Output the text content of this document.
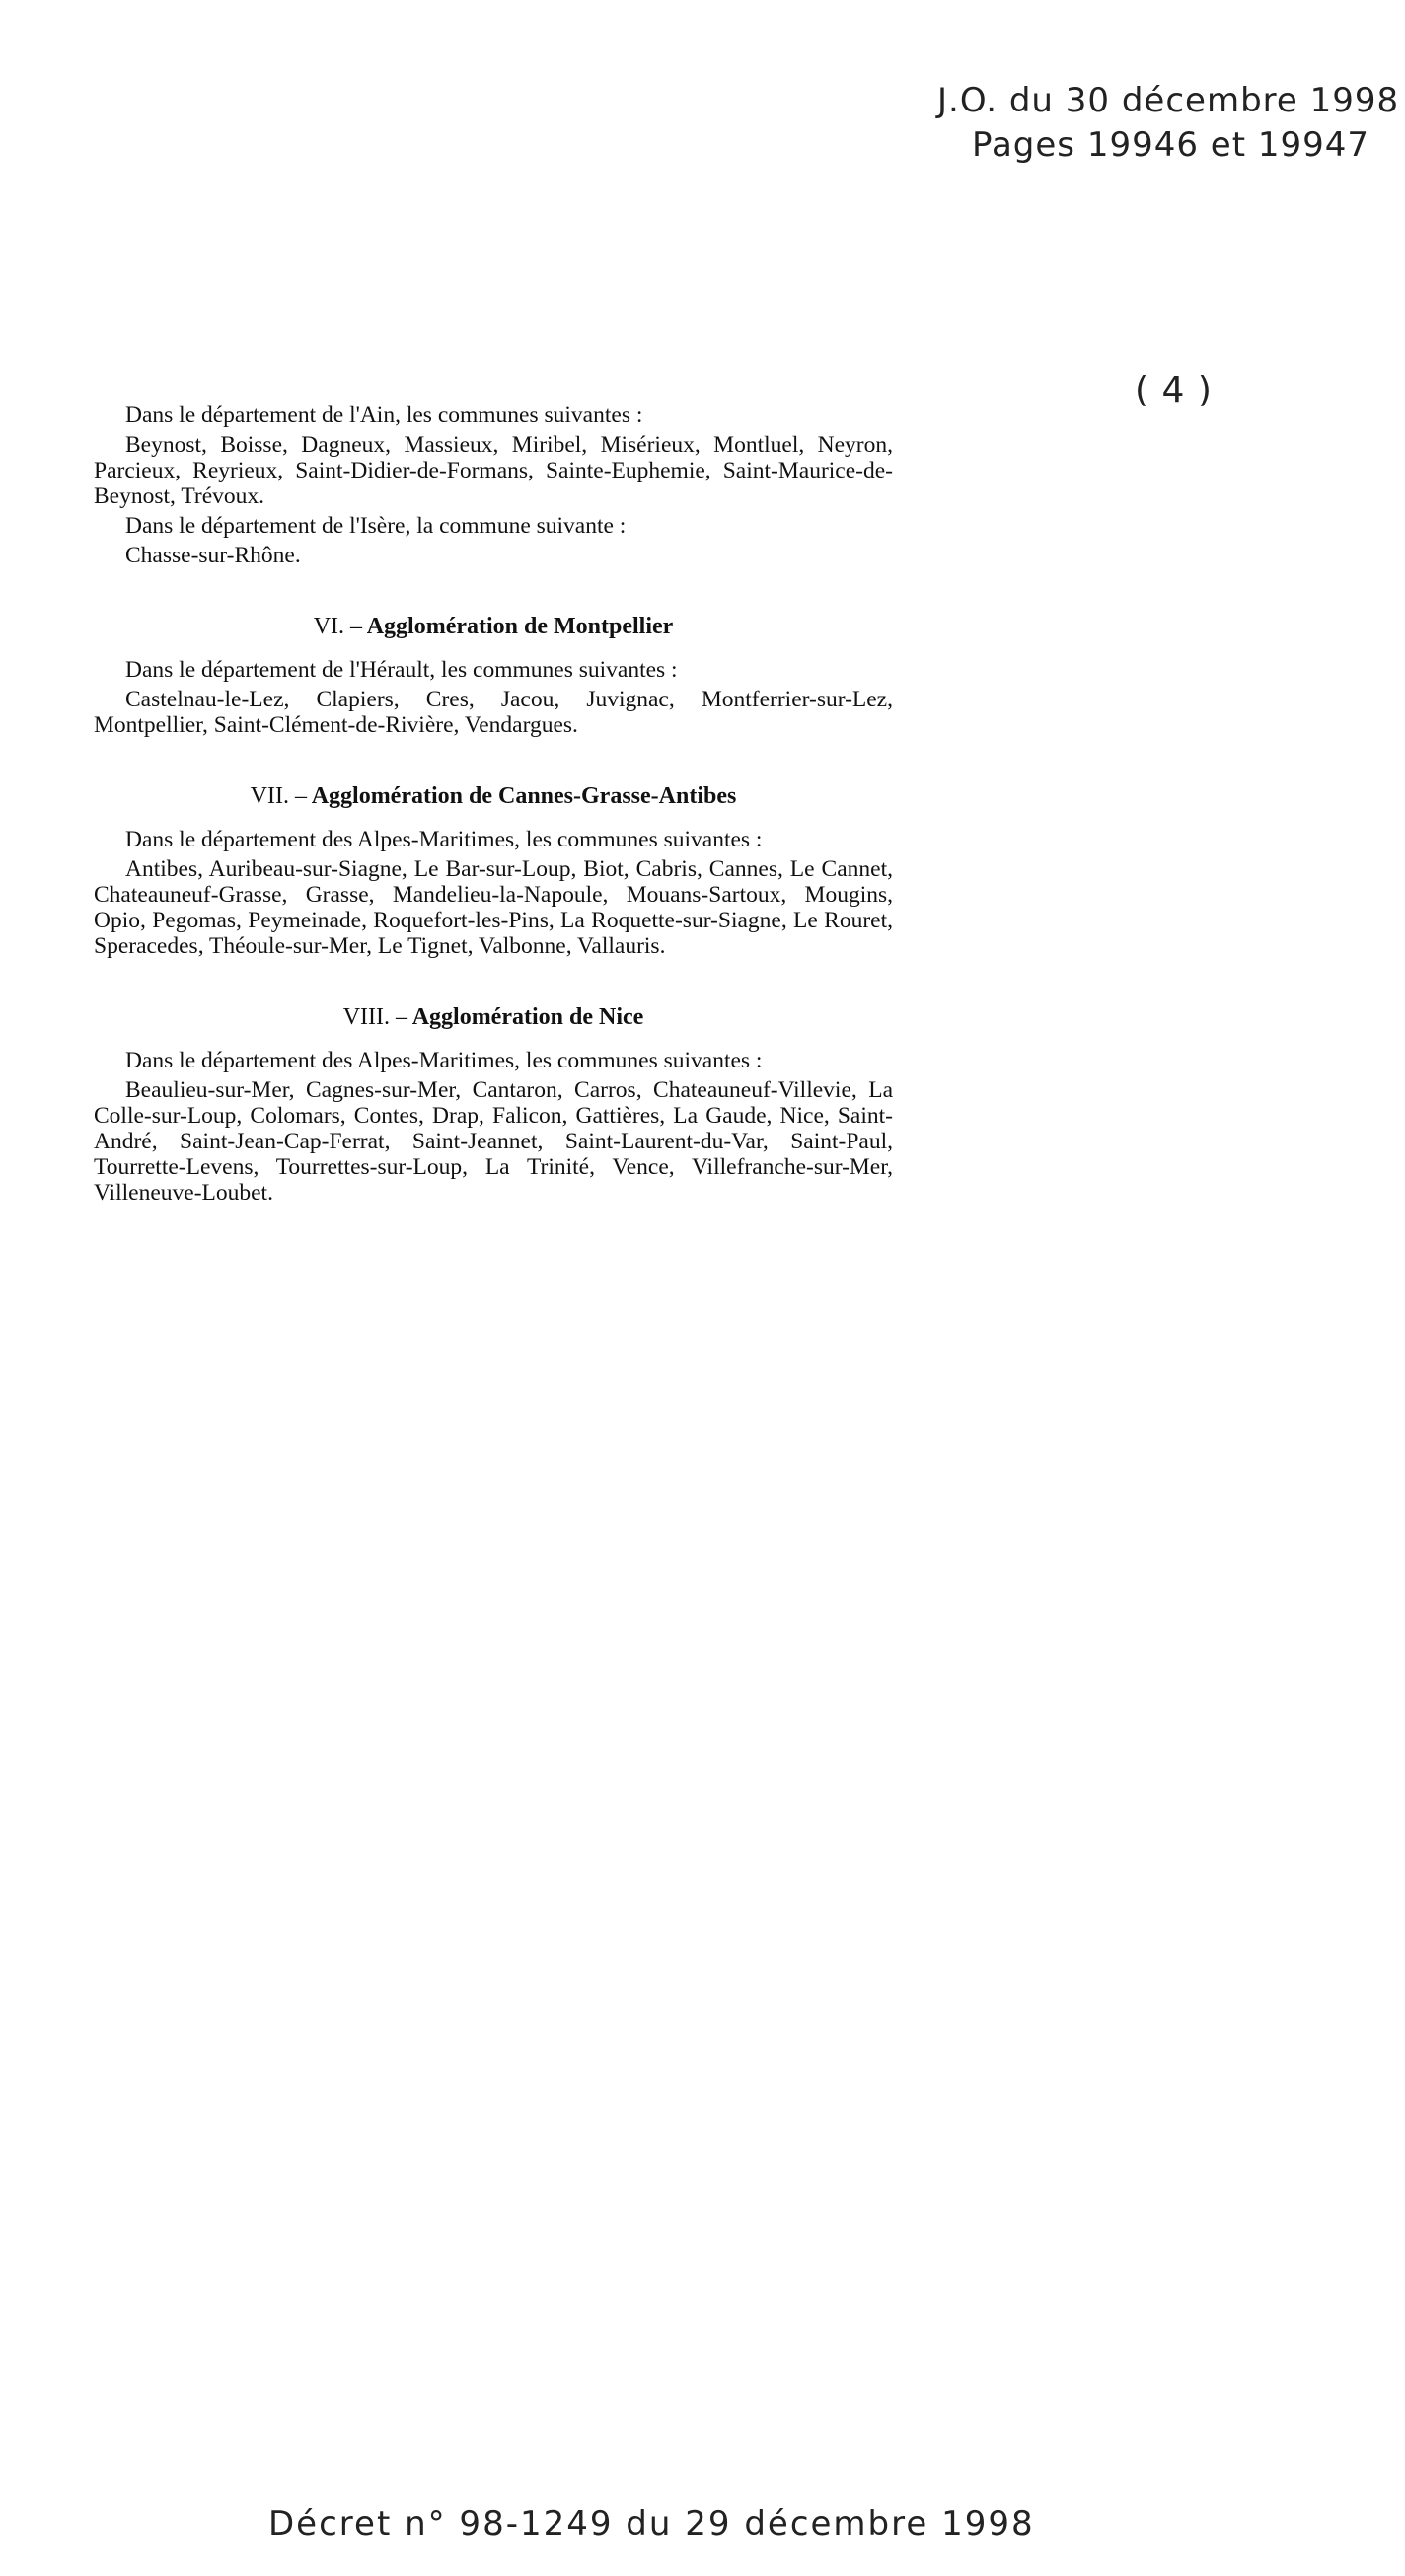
J.O. du 30 décembre 1998
Pages 19946 et 19947
( 4 )

Dans le département de l'Ain, les communes suivantes :

Beynost, Boisse, Dagneux, Massieux, Miribel, Misérieux, Montluel, Neyron, Parcieux, Reyrieux, Saint-Didier-de-Formans, Sainte-Euphemie, Saint-Maurice-de-Beynost, Trévoux.

Dans le département de l'Isère, la commune suivante :

Chasse-sur-Rhône.

VI. – Agglomération de Montpellier

Dans le département de l'Hérault, les communes suivantes :

Castelnau-le-Lez, Clapiers, Cres, Jacou, Juvignac, Montferrier-sur-Lez, Montpellier, Saint-Clément-de-Rivière, Vendargues.

VII. – Agglomération de Cannes-Grasse-Antibes

Dans le département des Alpes-Maritimes, les communes suivantes :

Antibes, Auribeau-sur-Siagne, Le Bar-sur-Loup, Biot, Cabris, Cannes, Le Cannet, Chateauneuf-Grasse, Grasse, Mandelieu-la-Napoule, Mouans-Sartoux, Mougins, Opio, Pegomas, Peymeinade, Roquefort-les-Pins, La Roquette-sur-Siagne, Le Rouret, Speracedes, Théoule-sur-Mer, Le Tignet, Valbonne, Vallauris.

VIII. – Agglomération de Nice

Dans le département des Alpes-Maritimes, les communes suivantes :

Beaulieu-sur-Mer, Cagnes-sur-Mer, Cantaron, Carros, Chateauneuf-Villevie, La Colle-sur-Loup, Colomars, Contes, Drap, Falicon, Gattières, La Gaude, Nice, Saint-André, Saint-Jean-Cap-Ferrat, Saint-Jeannet, Saint-Laurent-du-Var, Saint-Paul, Tourrette-Levens, Tourrettes-sur-Loup, La Trinité, Vence, Villefranche-sur-Mer, Villeneuve-Loubet.

Décret n° 98-1249 du 29 décembre 1998
